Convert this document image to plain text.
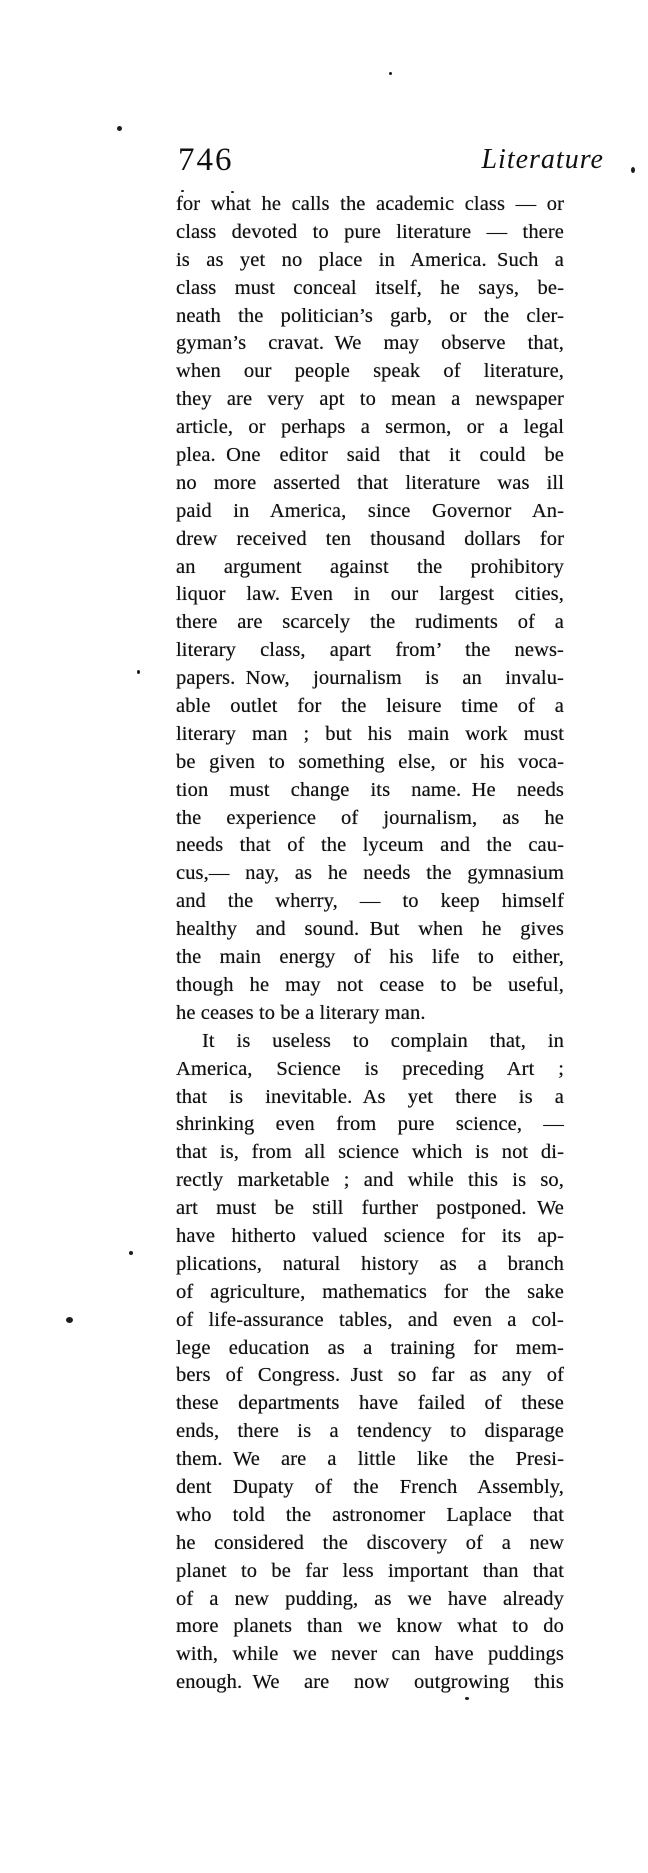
746	Literature
for what he calls the academic class — or
class devoted to pure literature — there
is as yet no place in America. Such a
class must conceal itself, he says, be-
neath the politician’s garb, or the cler-
gyman’s cravat. We may observe that,
when our people speak of literature,
they are very apt to mean a newspaper
article, or perhaps a sermon, or a legal
plea. One editor said that it could be
no more asserted that literature was ill
paid in America, since Governor An-
drew received ten thousand dollars for
an argument against the prohibitory
liquor law. Even in our largest cities,
there are scarcely the rudiments of a
literary class, apart from’ the news-
papers. Now, journalism is an invalu-
able outlet for the leisure time of a
literary man ; but his main work must
be given to something else, or his voca-
tion must change its name. He needs
the experience of journalism, as he
needs that of the lyceum and the cau-
cus,— nay, as he needs the gymnasium
and the wherry, — to keep himself
healthy and sound. But when he gives
the main energy of his life to either,
though he may not cease to be useful,
he ceases to be a literary man.
It is useless to complain that, in
America, Science is preceding Art ;
that is inevitable. As yet there is a
shrinking even from pure science, —
that is, from all science which is not di-
rectly marketable ; and while this is so,
art must be still further postponed. We
have hitherto valued science for its ap-
plications, natural history as a branch
of agriculture, mathematics for the sake
of life-assurance tables, and even a col-
lege education as a training for mem-
bers of Congress. Just so far as any of
these departments have failed of these
ends, there is a tendency to disparage
them. We are a little like the Presi-
dent Dupaty of the French Assembly,
who told the astronomer Laplace that
he considered the discovery of a new
planet to be far less important than that
of a new pudding, as we have already
more planets than we know what to do
with, while we never can have puddings
enough. We are now outgrowing this
